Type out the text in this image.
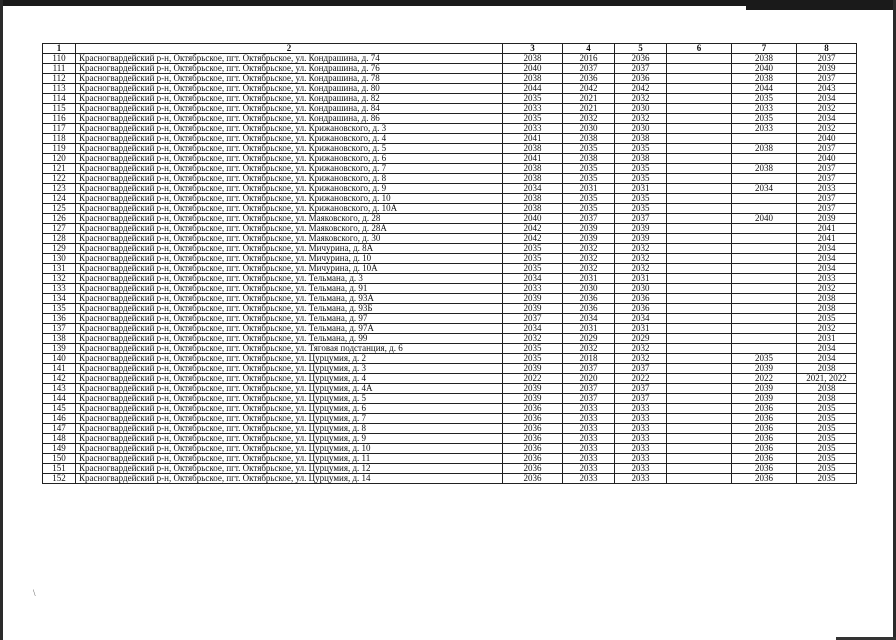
\
1	2	3	4	5	6	7	8
110	Красногвардейский р-н, Октябрьское, пгт. Октябрьское, ул. Кондрашина, д. 74	2038	2016	2036		2038	2037
111	Красногвардейский р-н, Октябрьское, пгт. Октябрьское, ул. Кондрашина, д. 76	2040	2037	2037		2040	2039
112	Красногвардейский р-н, Октябрьское, пгт. Октябрьское, ул. Кондрашина, д. 78	2038	2036	2036		2038	2037
113	Красногвардейский р-н, Октябрьское, пгт. Октябрьское, ул. Кондрашина, д. 80	2044	2042	2042		2044	2043
114	Красногвардейский р-н, Октябрьское, пгт. Октябрьское, ул. Кондрашина, д. 82	2035	2021	2032		2035	2034
115	Красногвардейский р-н, Октябрьское, пгт. Октябрьское, ул. Кондрашина, д. 84	2033	2021	2030		2033	2032
116	Красногвардейский р-н, Октябрьское, пгт. Октябрьское, ул. Кондрашина, д. 86	2035	2032	2032		2035	2034
117	Красногвардейский р-н, Октябрьское, пгт. Октябрьское, ул. Крижановского, д. 3	2033	2030	2030		2033	2032
118	Красногвардейский р-н, Октябрьское, пгт. Октябрьское, ул. Крижановского, д. 4	2041	2038	2038			2040
119	Красногвардейский р-н, Октябрьское, пгт. Октябрьское, ул. Крижановского, д. 5	2038	2035	2035		2038	2037
120	Красногвардейский р-н, Октябрьское, пгт. Октябрьское, ул. Крижановского, д. 6	2041	2038	2038			2040
121	Красногвардейский р-н, Октябрьское, пгт. Октябрьское, ул. Крижановского, д. 7	2038	2035	2035		2038	2037
122	Красногвардейский р-н, Октябрьское, пгт. Октябрьское, ул. Крижановского, д. 8	2038	2035	2035			2037
123	Красногвардейский р-н, Октябрьское, пгт. Октябрьское, ул. Крижановского, д. 9	2034	2031	2031		2034	2033
124	Красногвардейский р-н, Октябрьское, пгт. Октябрьское, ул. Крижановского, д. 10	2038	2035	2035			2037
125	Красногвардейский р-н, Октябрьское, пгт. Октябрьское, ул. Крижановского, д. 10А	2038	2035	2035			2037
126	Красногвардейский р-н, Октябрьское, пгт. Октябрьское, ул. Маяковского, д. 28	2040	2037	2037		2040	2039
127	Красногвардейский р-н, Октябрьское, пгт. Октябрьское, ул. Маяковского, д. 28А	2042	2039	2039			2041
128	Красногвардейский р-н, Октябрьское, пгт. Октябрьское, ул. Маяковского, д. 30	2042	2039	2039			2041
129	Красногвардейский р-н, Октябрьское, пгт. Октябрьское, ул. Мичурина, д. 8А	2035	2032	2032			2034
130	Красногвардейский р-н, Октябрьское, пгт. Октябрьское, ул. Мичурина, д. 10	2035	2032	2032			2034
131	Красногвардейский р-н, Октябрьское, пгт. Октябрьское, ул. Мичурина, д. 10А	2035	2032	2032			2034
132	Красногвардейский р-н, Октябрьское, пгт. Октябрьское, ул. Тельмана, д. 3	2034	2031	2031			2033
133	Красногвардейский р-н, Октябрьское, пгт. Октябрьское, ул. Тельмана, д. 91	2033	2030	2030			2032
134	Красногвардейский р-н, Октябрьское, пгт. Октябрьское, ул. Тельмана, д. 93А	2039	2036	2036			2038
135	Красногвардейский р-н, Октябрьское, пгт. Октябрьское, ул. Тельмана, д. 93Б	2039	2036	2036			2038
136	Красногвардейский р-н, Октябрьское, пгт. Октябрьское, ул. Тельмана, д. 97	2037	2034	2034			2035
137	Красногвардейский р-н, Октябрьское, пгт. Октябрьское, ул. Тельмана, д. 97А	2034	2031	2031			2032
138	Красногвардейский р-н, Октябрьское, пгт. Октябрьское, ул. Тельмана, д. 99	2032	2029	2029			2031
139	Красногвардейский р-н, Октябрьское, пгт. Октябрьское, ул. Тяговая подстанция, д. 6	2035	2032	2032			2034
140	Красногвардейский р-н, Октябрьское, пгт. Октябрьское, ул. Цурцумия, д. 2	2035	2018	2032		2035	2034
141	Красногвардейский р-н, Октябрьское, пгт. Октябрьское, ул. Цурцумия, д. 3	2039	2037	2037		2039	2038
142	Красногвардейский р-н, Октябрьское, пгт. Октябрьское, ул. Цурцумия, д. 4	2022	2020	2022		2022	2021, 2022
143	Красногвардейский р-н, Октябрьское, пгт. Октябрьское, ул. Цурцумия, д. 4А	2039	2037	2037		2039	2038
144	Красногвардейский р-н, Октябрьское, пгт. Октябрьское, ул. Цурцумия, д. 5	2039	2037	2037		2039	2038
145	Красногвардейский р-н, Октябрьское, пгт. Октябрьское, ул. Цурцумия, д. 6	2036	2033	2033		2036	2035
146	Красногвардейский р-н, Октябрьское, пгт. Октябрьское, ул. Цурцумия, д. 7	2036	2033	2033		2036	2035
147	Красногвардейский р-н, Октябрьское, пгт. Октябрьское, ул. Цурцумия, д. 8	2036	2033	2033		2036	2035
148	Красногвардейский р-н, Октябрьское, пгт. Октябрьское, ул. Цурцумия, д. 9	2036	2033	2033		2036	2035
149	Красногвардейский р-н, Октябрьское, пгт. Октябрьское, ул. Цурцумия, д. 10	2036	2033	2033		2036	2035
150	Красногвардейский р-н, Октябрьское, пгт. Октябрьское, ул. Цурцумия, д. 11	2036	2033	2033		2036	2035
151	Красногвардейский р-н, Октябрьское, пгт. Октябрьское, ул. Цурцумия, д. 12	2036	2033	2033		2036	2035
152	Красногвардейский р-н, Октябрьское, пгт. Октябрьское, ул. Цурцумия, д. 14	2036	2033	2033		2036	2035
